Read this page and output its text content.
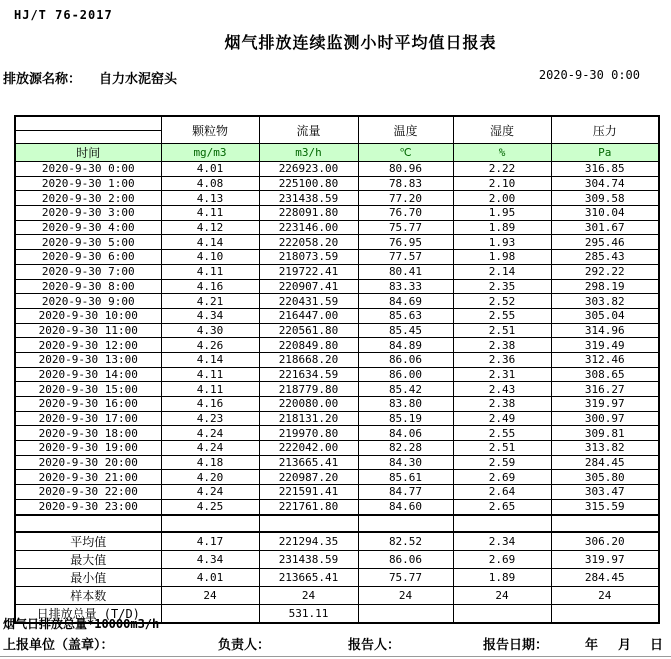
HJ/T 76-2017
烟气排放连续监测小时平均值日报表
排放源名称： 自力水泥窑头	2020-9-30 0:00
	颗粒物	流量	温度	湿度	压力

时间	mg/m3	m3/h	℃	%	Pa
2020-9-30 0:00	4.01	226923.00	80.96	2.22	316.85
2020-9-30 1:00	4.08	225100.80	78.83	2.10	304.74
2020-9-30 2:00	4.13	231438.59	77.20	2.00	309.58
2020-9-30 3:00	4.11	228091.80	76.70	1.95	310.04
2020-9-30 4:00	4.12	223146.00	75.77	1.89	301.67
2020-9-30 5:00	4.14	222058.20	76.95	1.93	295.46
2020-9-30 6:00	4.10	218073.59	77.57	1.98	285.43
2020-9-30 7:00	4.11	219722.41	80.41	2.14	292.22
2020-9-30 8:00	4.16	220907.41	83.33	2.35	298.19
2020-9-30 9:00	4.21	220431.59	84.69	2.52	303.82
2020-9-30 10:00	4.34	216447.00	85.63	2.55	305.04
2020-9-30 11:00	4.30	220561.80	85.45	2.51	314.96
2020-9-30 12:00	4.26	220849.80	84.89	2.38	319.49
2020-9-30 13:00	4.14	218668.20	86.06	2.36	312.46
2020-9-30 14:00	4.11	221634.59	86.00	2.31	308.65
2020-9-30 15:00	4.11	218779.80	85.42	2.43	316.27
2020-9-30 16:00	4.16	220080.00	83.80	2.38	319.97
2020-9-30 17:00	4.23	218131.20	85.19	2.49	300.97
2020-9-30 18:00	4.24	219970.80	84.06	2.55	309.81
2020-9-30 19:00	4.24	222042.00	82.28	2.51	313.82
2020-9-30 20:00	4.18	213665.41	84.30	2.59	284.45
2020-9-30 21:00	4.20	220987.20	85.61	2.69	305.80
2020-9-30 22:00	4.24	221591.41	84.77	2.64	303.47
2020-9-30 23:00	4.25	221761.80	84.60	2.65	315.59

平均值	4.17	221294.35	82.52	2.34	306.20
最大值	4.34	231438.59	86.06	2.69	319.97
最小值	4.01	213665.41	75.77	1.89	284.45
样本数	24	24	24	24	24
日排放总量 (T/D)		531.11			
烟气日排放总量*10000m3/h
上报单位（盖章）：	负责人：	报告人：	报告日期：	年 月 日
